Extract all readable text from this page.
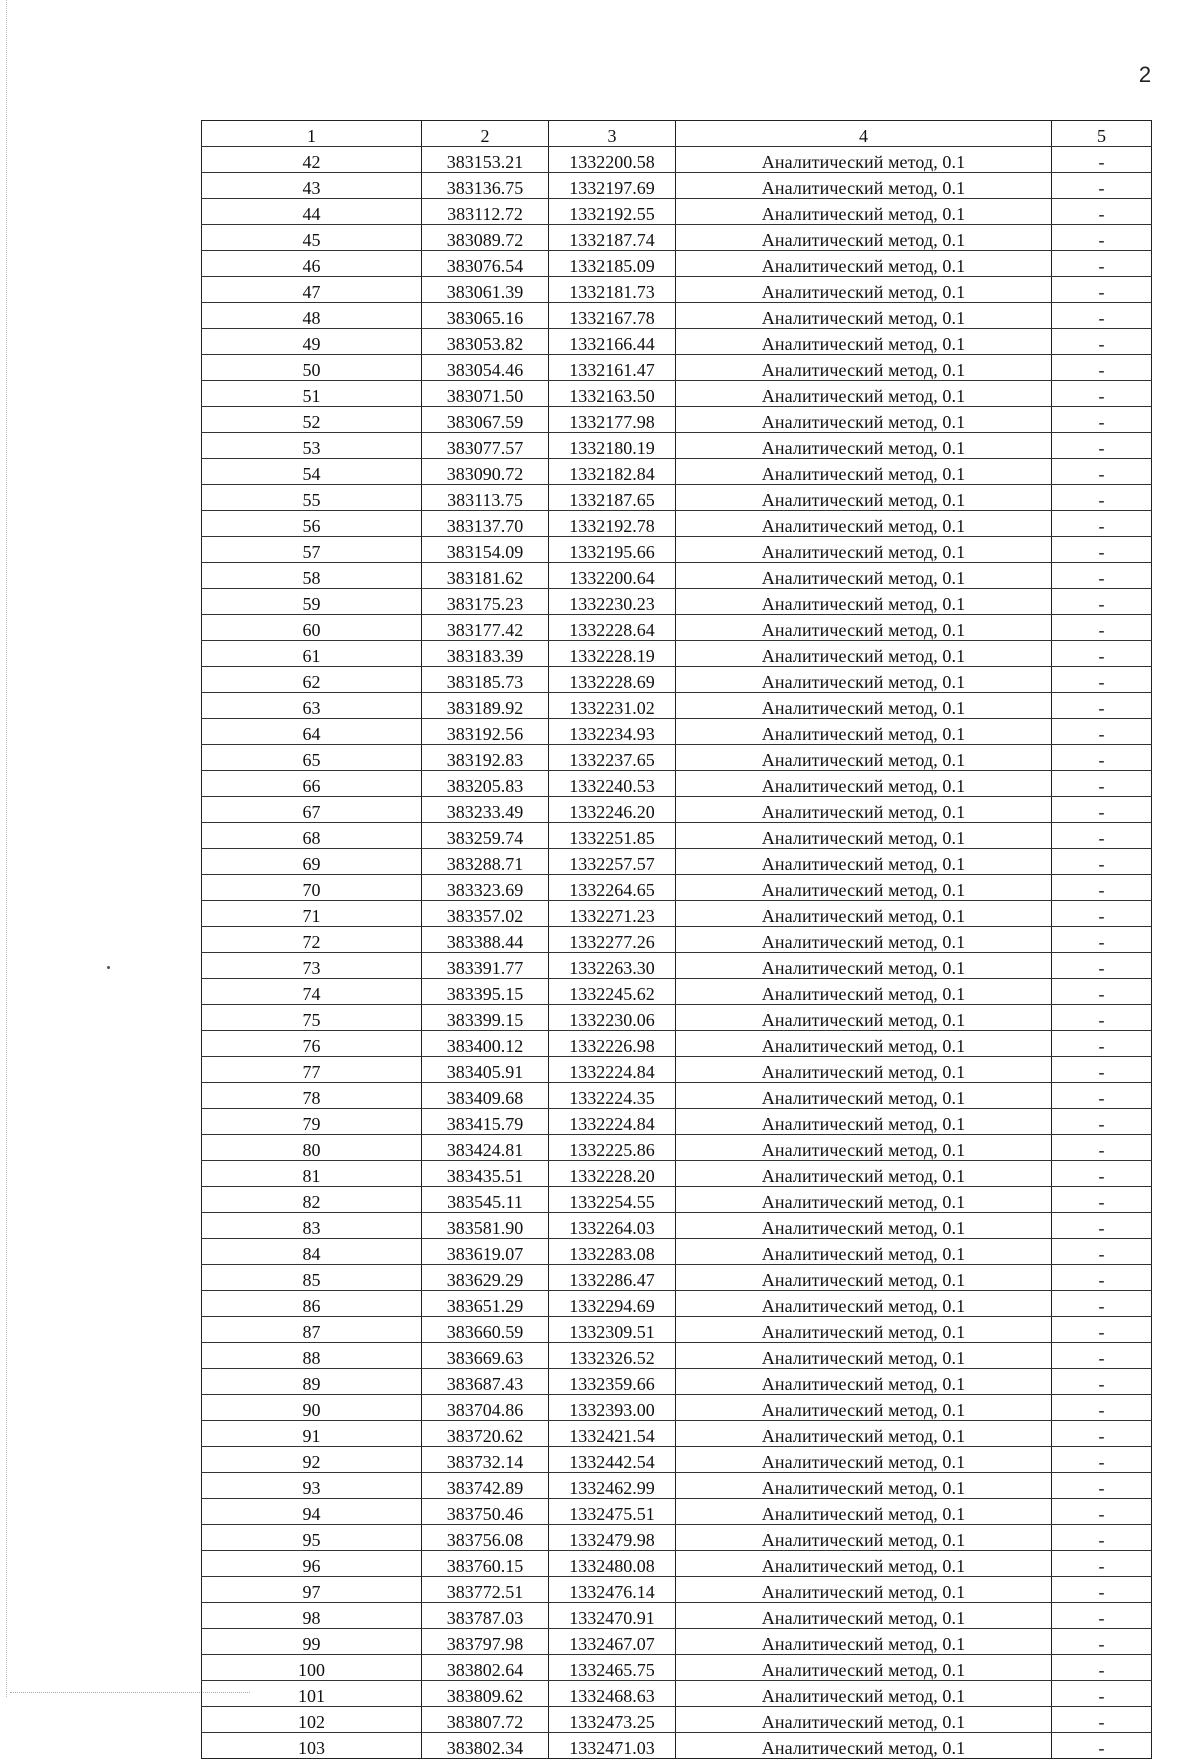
2
1	2	3	4	5
42	383153.21	1332200.58	Аналитический метод, 0.1	-
43	383136.75	1332197.69	Аналитический метод, 0.1	-
44	383112.72	1332192.55	Аналитический метод, 0.1	-
45	383089.72	1332187.74	Аналитический метод, 0.1	-
46	383076.54	1332185.09	Аналитический метод, 0.1	-
47	383061.39	1332181.73	Аналитический метод, 0.1	-
48	383065.16	1332167.78	Аналитический метод, 0.1	-
49	383053.82	1332166.44	Аналитический метод, 0.1	-
50	383054.46	1332161.47	Аналитический метод, 0.1	-
51	383071.50	1332163.50	Аналитический метод, 0.1	-
52	383067.59	1332177.98	Аналитический метод, 0.1	-
53	383077.57	1332180.19	Аналитический метод, 0.1	-
54	383090.72	1332182.84	Аналитический метод, 0.1	-
55	383113.75	1332187.65	Аналитический метод, 0.1	-
56	383137.70	1332192.78	Аналитический метод, 0.1	-
57	383154.09	1332195.66	Аналитический метод, 0.1	-
58	383181.62	1332200.64	Аналитический метод, 0.1	-
59	383175.23	1332230.23	Аналитический метод, 0.1	-
60	383177.42	1332228.64	Аналитический метод, 0.1	-
61	383183.39	1332228.19	Аналитический метод, 0.1	-
62	383185.73	1332228.69	Аналитический метод, 0.1	-
63	383189.92	1332231.02	Аналитический метод, 0.1	-
64	383192.56	1332234.93	Аналитический метод, 0.1	-
65	383192.83	1332237.65	Аналитический метод, 0.1	-
66	383205.83	1332240.53	Аналитический метод, 0.1	-
67	383233.49	1332246.20	Аналитический метод, 0.1	-
68	383259.74	1332251.85	Аналитический метод, 0.1	-
69	383288.71	1332257.57	Аналитический метод, 0.1	-
70	383323.69	1332264.65	Аналитический метод, 0.1	-
71	383357.02	1332271.23	Аналитический метод, 0.1	-
72	383388.44	1332277.26	Аналитический метод, 0.1	-
73	383391.77	1332263.30	Аналитический метод, 0.1	-
74	383395.15	1332245.62	Аналитический метод, 0.1	-
75	383399.15	1332230.06	Аналитический метод, 0.1	-
76	383400.12	1332226.98	Аналитический метод, 0.1	-
77	383405.91	1332224.84	Аналитический метод, 0.1	-
78	383409.68	1332224.35	Аналитический метод, 0.1	-
79	383415.79	1332224.84	Аналитический метод, 0.1	-
80	383424.81	1332225.86	Аналитический метод, 0.1	-
81	383435.51	1332228.20	Аналитический метод, 0.1	-
82	383545.11	1332254.55	Аналитический метод, 0.1	-
83	383581.90	1332264.03	Аналитический метод, 0.1	-
84	383619.07	1332283.08	Аналитический метод, 0.1	-
85	383629.29	1332286.47	Аналитический метод, 0.1	-
86	383651.29	1332294.69	Аналитический метод, 0.1	-
87	383660.59	1332309.51	Аналитический метод, 0.1	-
88	383669.63	1332326.52	Аналитический метод, 0.1	-
89	383687.43	1332359.66	Аналитический метод, 0.1	-
90	383704.86	1332393.00	Аналитический метод, 0.1	-
91	383720.62	1332421.54	Аналитический метод, 0.1	-
92	383732.14	1332442.54	Аналитический метод, 0.1	-
93	383742.89	1332462.99	Аналитический метод, 0.1	-
94	383750.46	1332475.51	Аналитический метод, 0.1	-
95	383756.08	1332479.98	Аналитический метод, 0.1	-
96	383760.15	1332480.08	Аналитический метод, 0.1	-
97	383772.51	1332476.14	Аналитический метод, 0.1	-
98	383787.03	1332470.91	Аналитический метод, 0.1	-
99	383797.98	1332467.07	Аналитический метод, 0.1	-
100	383802.64	1332465.75	Аналитический метод, 0.1	-
101	383809.62	1332468.63	Аналитический метод, 0.1	-
102	383807.72	1332473.25	Аналитический метод, 0.1	-
103	383802.34	1332471.03	Аналитический метод, 0.1	-
